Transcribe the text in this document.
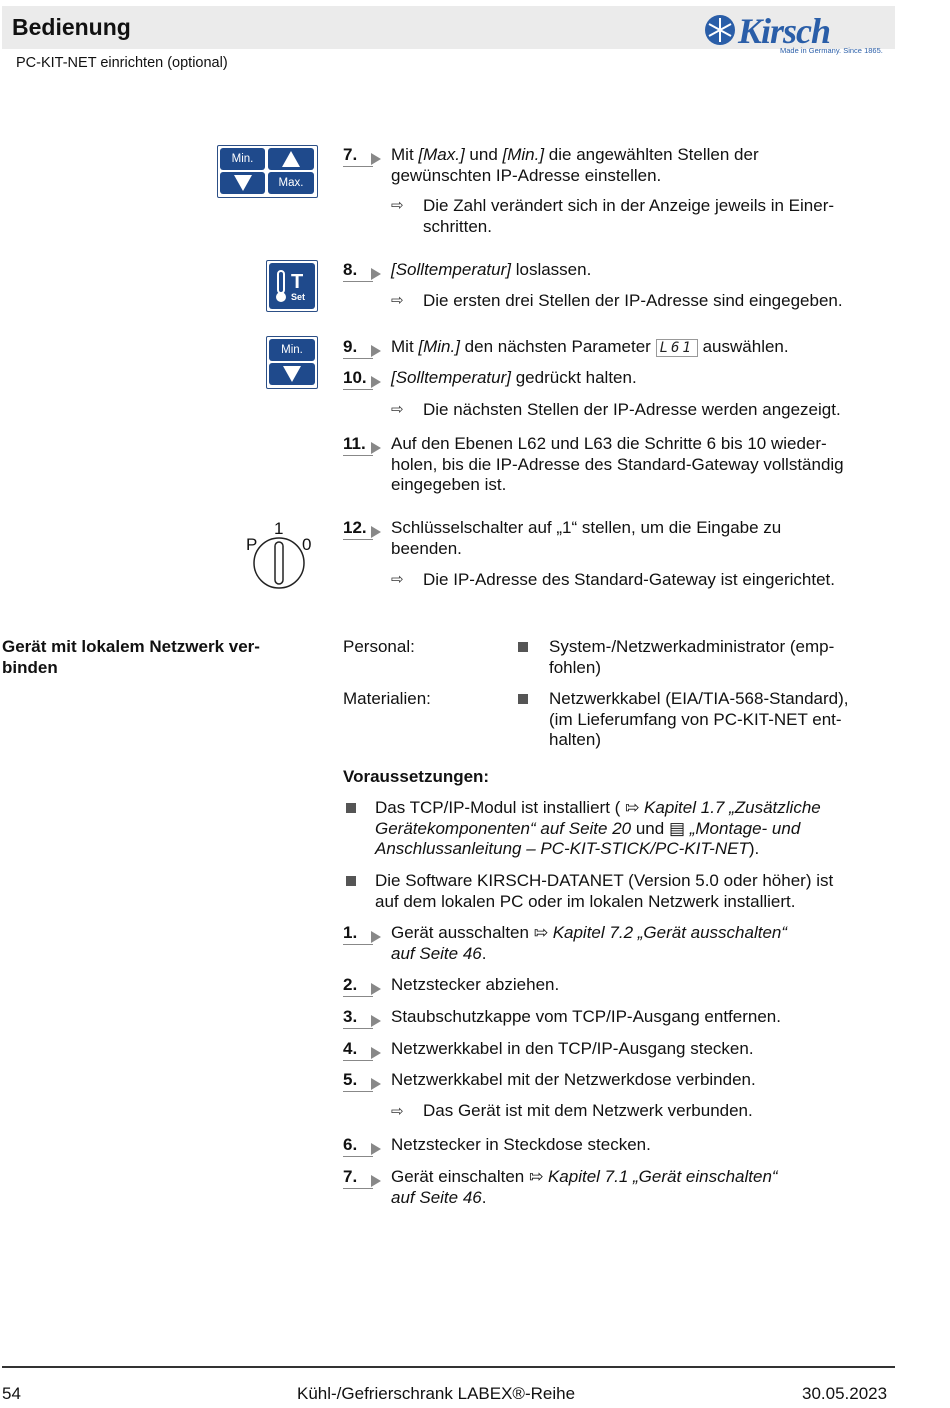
Bedienung	Kirsch
Made in Germany. Since 1865.
PC-KIT-NET einrichten (optional)
Min.
Max.
T
Set
Min.
P
1
0
7. Mit [Max.] und [Min.] die angewählten Stellen der
gewünschten IP-Adresse einstellen.
⇨ Die Zahl verändert sich in der Anzeige jeweils in Einer-
schritten.
8. [Solltemperatur] loslassen.
⇨ Die ersten drei Stellen der IP-Adresse sind eingegeben.
9. Mit [Min.] den nächsten Parameter L61 auswählen.
10. [Solltemperatur] gedrückt halten.
⇨ Die nächsten Stellen der IP-Adresse werden angezeigt.
11. Auf den Ebenen L62 und L63 die Schritte 6 bis 10 wieder-
holen, bis die IP-Adresse des Standard-Gateway vollständig
eingegeben ist.
12. Schlüsselschalter auf „1“ stellen, um die Eingabe zu
beenden.
⇨ Die IP-Adresse des Standard-Gateway ist eingerichtet.
Gerät mit lokalem Netzwerk ver-
binden
Personal:	System-/Netzwerkadministrator (emp-
fohlen)
Materialien:	Netzwerkkabel (EIA/TIA-568-Standard),
(im Lieferumfang von PC-KIT-NET ent-
halten)
Voraussetzungen:
Das TCP/IP-Modul ist installiert ( ⇰ Kapitel 1.7 „Zusätzliche
Gerätekomponenten“ auf Seite 20 und ▤ „Montage- und
Anschlussanleitung – PC-KIT-STICK/PC-KIT-NET).
Die Software KIRSCH-DATANET (Version 5.0 oder höher) ist
auf dem lokalen PC oder im lokalen Netzwerk installiert.
1. Gerät ausschalten ⇰ Kapitel 7.2 „Gerät ausschalten“
auf Seite 46.
2. Netzstecker abziehen.
3. Staubschutzkappe vom TCP/IP-Ausgang entfernen.
4. Netzwerkkabel in den TCP/IP-Ausgang stecken.
5. Netzwerkkabel mit der Netzwerkdose verbinden.
⇨ Das Gerät ist mit dem Netzwerk verbunden.
6. Netzstecker in Steckdose stecken.
7. Gerät einschalten ⇰ Kapitel 7.1 „Gerät einschalten“
auf Seite 46.
54	Kühl-/Gefrierschrank LABEX®-Reihe	30.05.2023
